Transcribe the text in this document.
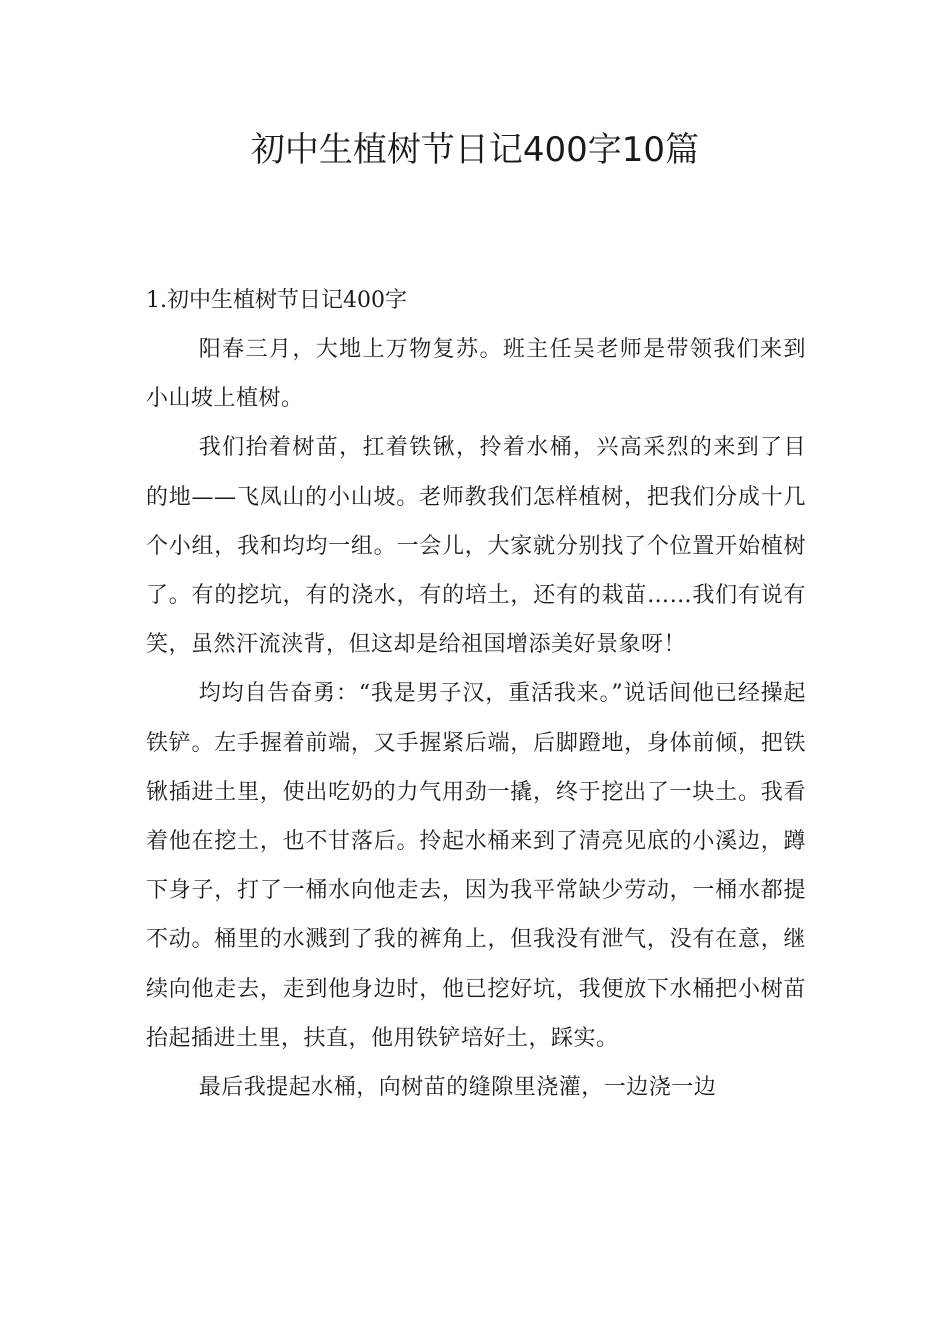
初中生植树节日记400字10篇
1.初中生植树节日记400字

阳春三月，大地上万物复苏。班主任吴老师是带领我们来到小山坡上植树。

我们抬着树苗，扛着铁锹，拎着水桶，兴高采烈的来到了目的地——飞凤山的小山坡。老师教我们怎样植树，把我们分成十几个小组，我和均均一组。一会儿，大家就分别找了个位置开始植树了。有的挖坑，有的浇水，有的培土，还有的栽苗……我们有说有笑，虽然汗流浃背，但这却是给祖国增添美好景象呀！

均均自告奋勇：“我是男子汉，重活我来。”说话间他已经操起铁铲。左手握着前端，又手握紧后端，后脚蹬地，身体前倾，把铁锹插进土里，使出吃奶的力气用劲一撬，终于挖出了一块土。我看着他在挖土，也不甘落后。拎起水桶来到了清亮见底的小溪边，蹲下身子，打了一桶水向他走去，因为我平常缺少劳动，一桶水都提不动。桶里的水溅到了我的裤角上，但我没有泄气，没有在意，继续向他走去，走到他身边时，他已挖好坑，我便放下水桶把小树苗抬起插进土里，扶直，他用铁铲培好土，踩实。

最后我提起水桶，向树苗的缝隙里浇灌，一边浇一边
